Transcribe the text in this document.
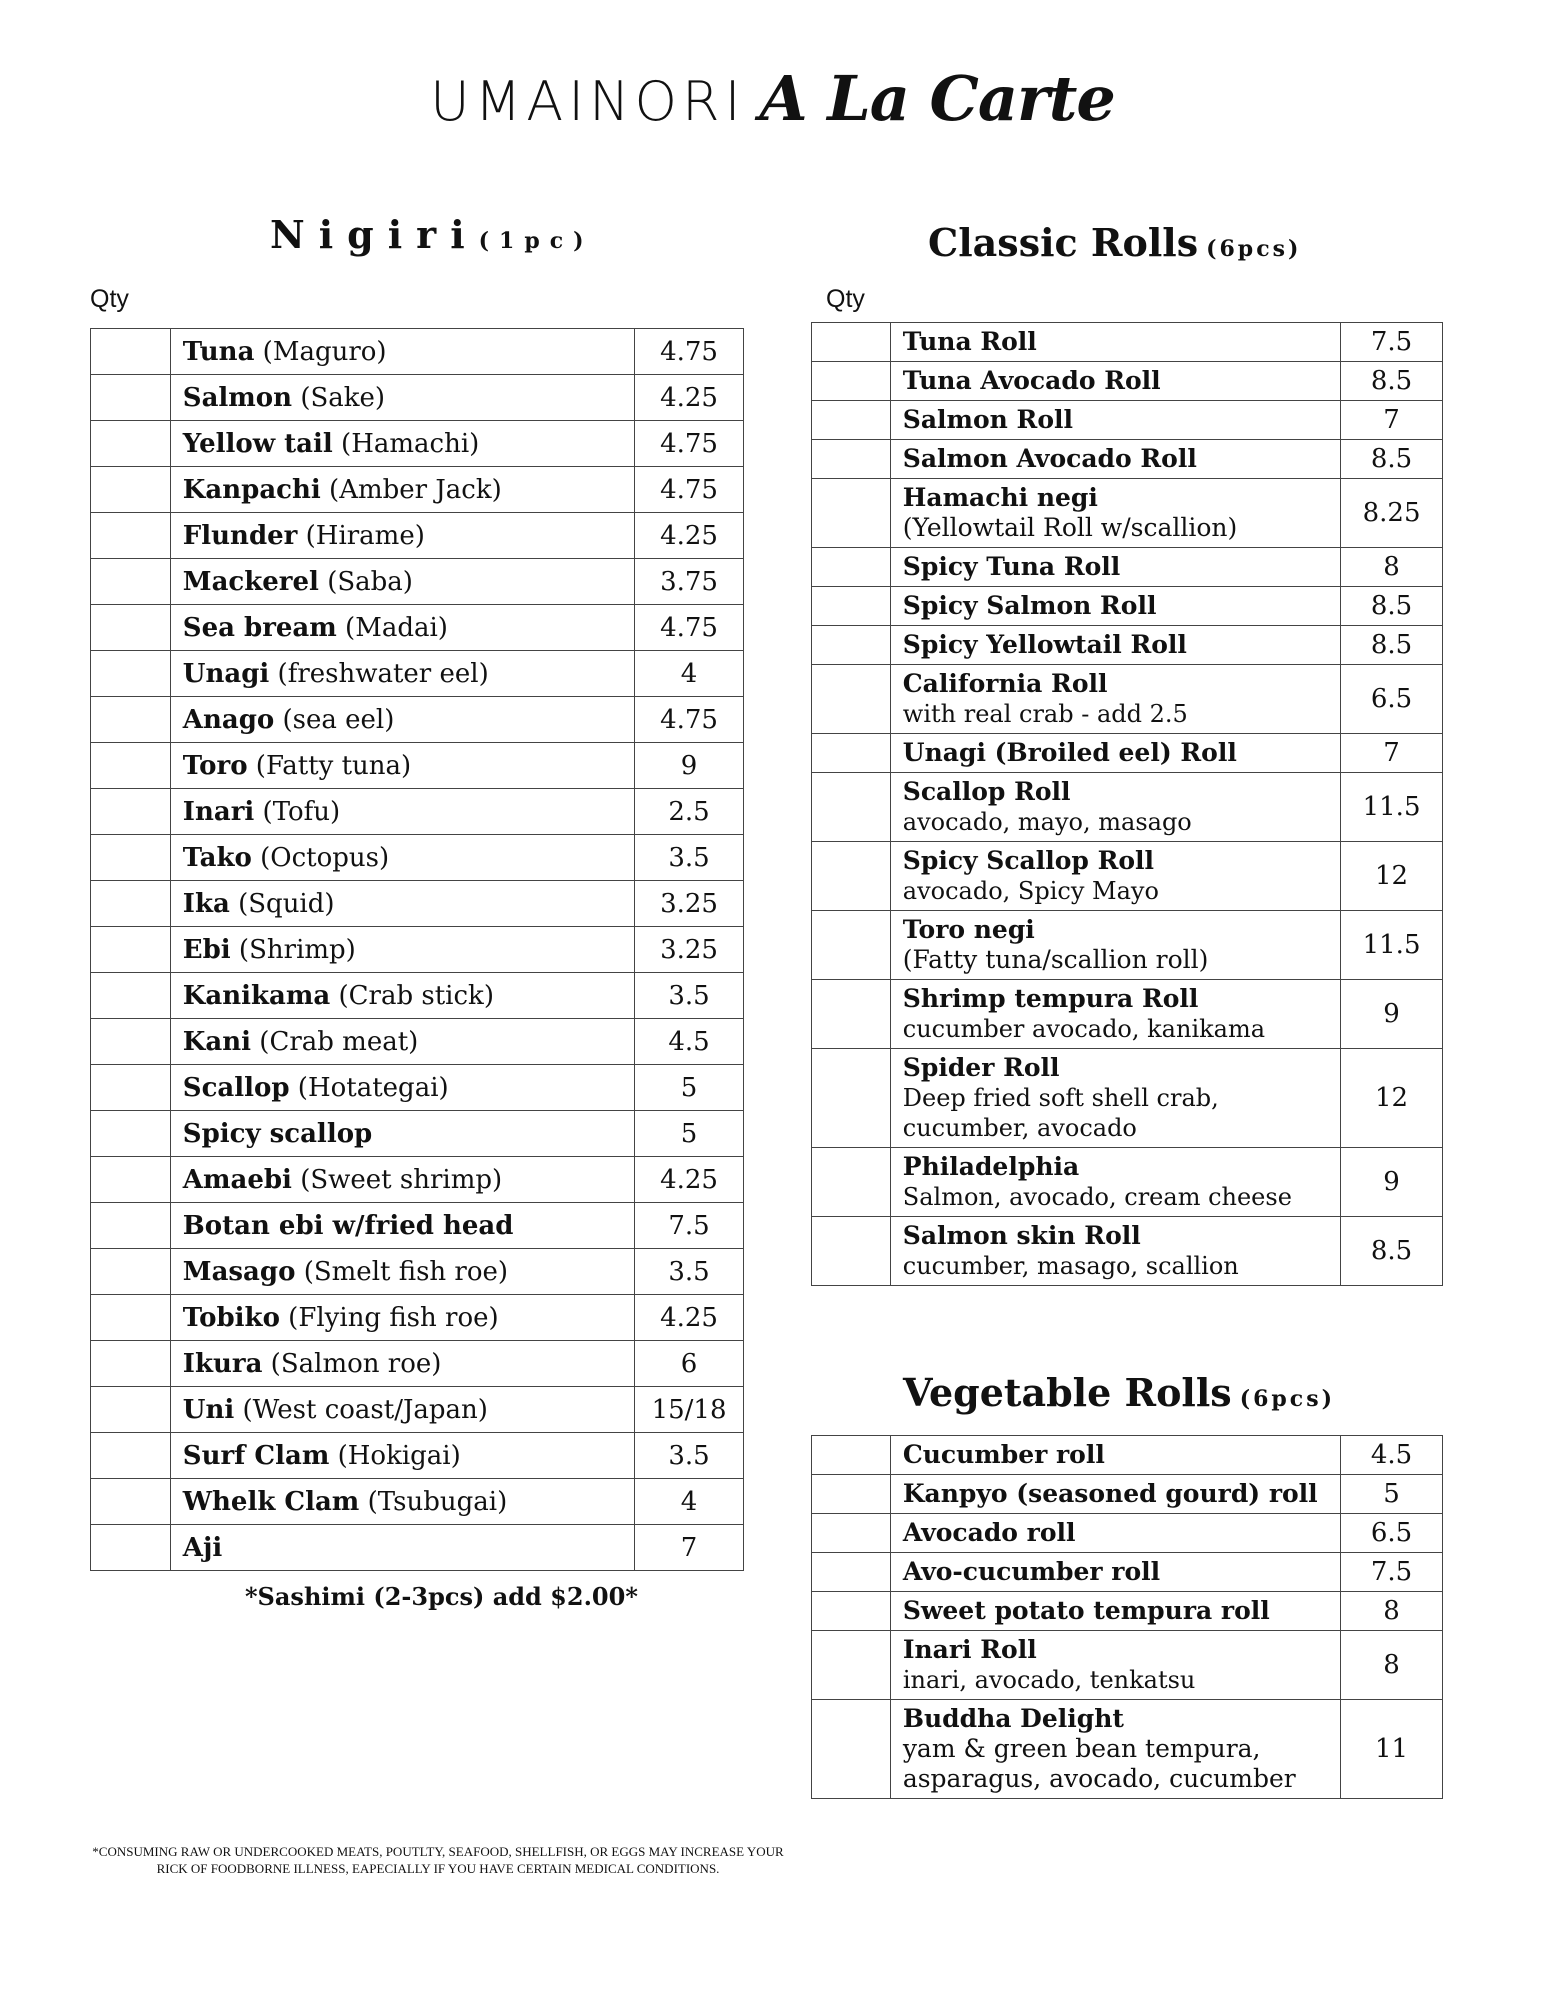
UMAINORI A La Carte
Nigiri(1pc)
Qty
	Tuna (Maguro)	4.75
	Salmon (Sake)	4.25
	Yellow tail (Hamachi)	4.75
	Kanpachi (Amber Jack)	4.75
	Flunder (Hirame)	4.25
	Mackerel (Saba)	3.75
	Sea bream (Madai)	4.75
	Unagi (freshwater eel)	4
	Anago (sea eel)	4.75
	Toro (Fatty tuna)	9
	Inari (Tofu)	2.5
	Tako (Octopus)	3.5
	Ika (Squid)	3.25
	Ebi (Shrimp)	3.25
	Kanikama (Crab stick)	3.5
	Kani (Crab meat)	4.5
	Scallop (Hotategai)	5
	Spicy scallop	5
	Amaebi (Sweet shrimp)	4.25
	Botan ebi w/fried head	7.5
	Masago (Smelt fish roe)	3.5
	Tobiko (Flying fish roe)	4.25
	Ikura (Salmon roe)	6
	Uni (West coast/Japan)	15/18
	Surf Clam (Hokigai)	3.5
	Whelk Clam (Tsubugai)	4
	Aji	7
*Sashimi (2-3pcs) add $2.00*
Classic Rolls (6pcs)
Qty
	Tuna Roll	7.5
	Tuna Avocado Roll	8.5
	Salmon Roll	7
	Salmon Avocado Roll	8.5
	Hamachi negi
(Yellowtail Roll w/scallion)	8.25
	Spicy Tuna Roll	8
	Spicy Salmon Roll	8.5
	Spicy Yellowtail Roll	8.5
	California Roll
with real crab - add 2.5	6.5
	Unagi (Broiled eel) Roll	7
	Scallop Roll
avocado, mayo, masago	11.5
	Spicy Scallop Roll
avocado, Spicy Mayo	12
	Toro negi
(Fatty tuna/scallion roll)	11.5
	Shrimp tempura Roll
cucumber avocado, kanikama	9
	Spider Roll
Deep fried soft shell crab, cucumber, avocado	12
	Philadelphia
Salmon, avocado, cream cheese	9
	Salmon skin Roll
cucumber, masago, scallion	8.5
Vegetable Rolls (6pcs)
	Cucumber roll	4.5
	Kanpyo (seasoned gourd) roll	5
	Avocado roll	6.5
	Avo-cucumber roll	7.5
	Sweet potato tempura roll	8
	Inari Roll
inari, avocado, tenkatsu	8
	Buddha Delight
yam & green bean tempura, asparagus, avocado, cucumber	11
*CONSUMING RAW OR UNDERCOOKED MEATS, POUTLTY, SEAFOOD, SHELLFISH, OR EGGS MAY INCREASE YOUR RICK OF FOODBORNE ILLNESS, EAPECIALLY IF YOU HAVE CERTAIN MEDICAL CONDITIONS.
